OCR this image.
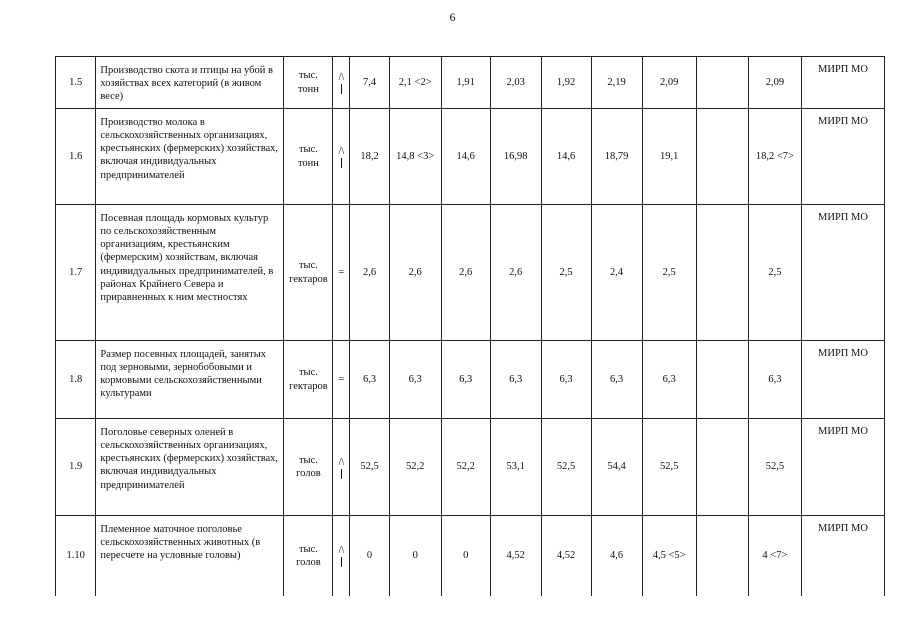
6
1.5	Производство скота и птицы на убой в хозяйствах всех категорий (в живом весе)	тыс. тонн	/\	7,4	2,1 <2>	1,91	2,03	1,92	2,19	2,09		2,09	МИРП МО
1.6	Производство молока в сельскохозяйственных организациях, крестьянских (фермерских) хозяйствах, включая индивидуальных предпринимателей	тыс. тонн	/\	18,2	14,8 <3>	14,6	16,98	14,6	18,79	19,1		18,2 <7>	МИРП МО
1.7	Посевная площадь кормовых культур по сельскохозяйственным организациям, крестьянским (фермерским) хозяйствам, включая индивидуальных предпринимателей, в районах Крайнего Севера и приравненных к ним местностях	тыс. гектаров	=	2,6	2,6	2,6	2,6	2,5	2,4	2,5		2,5	МИРП МО
1.8	Размер посевных площадей, занятых под зерновыми, зернобобовыми и кормовыми сельскохозяйственными культурами	тыс. гектаров	=	6,3	6,3	6,3	6,3	6,3	6,3	6,3		6,3	МИРП МО
1.9	Поголовье северных оленей в сельскохозяйственных организациях, крестьянских (фермерских) хозяйствах, включая индивидуальных предпринимателей	тыс. голов	/\	52,5	52,2	52,2	53,1	52,5	54,4	52,5		52,5	МИРП МО
1.10	Племенное маточное поголовье сельскохозяйственных животных (в пересчете на условные головы)	тыс. голов	/\	0	0	0	4,52	4,52	4,6	4,5 <5>		4 <7>	МИРП МО
